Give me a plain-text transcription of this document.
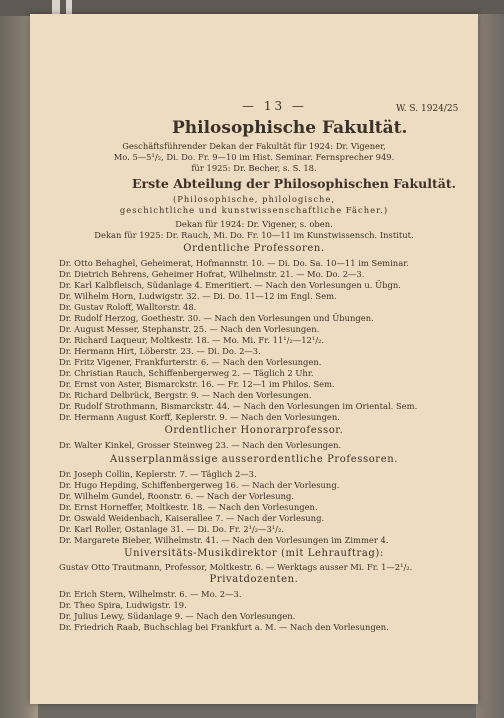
— 13 —	W. S. 1924/25
Philosophische Fakultät.
Geschäftsführender Dekan der Fakultät für 1924: Dr. Vigener,
Mo. 5—5¹/₂, Di. Do. Fr. 9—10 im Hist. Seminar. Fernsprecher 949.
für 1925: Dr. Becher, s. S. 18.
Erste Abteilung der Philosophischen Fakultät.
(Philosophische, philologische,
geschichtliche und kunstwissenschaftliche Fächer.)
Dekan für 1924: Dr. Vigener, s. oben.
Dekan für 1925: Dr. Rauch, Mi. Do. Fr. 10—11 im Kunstwissensch. Institut.
Ordentliche Professoren.
Dr. Otto Behaghel, Geheimerat, Hofmannstr. 10. — Di. Do. Sa. 10—11 im Seminar.
Dr. Dietrich Behrens, Geheimer Hofrat, Wilhelmstr. 21. — Mo. Do. 2—3.
Dr. Karl Kalbfleisch, Südanlage 4. Emeritiert. — Nach den Vorlesungen u. Übgn.
Dr. Wilhelm Horn, Ludwigstr. 32. — Di. Do. 11—12 im Engl. Sem.
Dr. Gustav Roloff, Walltorstr. 48.
Dr. Rudolf Herzog, Goethestr. 30. — Nach den Vorlesungen und Übungen.
Dr. August Messer, Stephanstr. 25. — Nach den Vorlesungen.
Dr. Richard Laqueur, Moltkestr. 18. — Mo. Mi. Fr. 11¹/₂—12¹/₂.
Dr. Hermann Hirt, Löberstr. 23. — Di. Do. 2—3.
Dr. Fritz Vigener, Frankfurterstr. 6. — Nach den Vorlesungen.
Dr. Christian Rauch, Schiffenbergerweg 2. — Täglich 2 Uhr.
Dr. Ernst von Aster, Bismarckstr. 16. — Fr. 12—1 im Philos. Sem.
Dr. Richard Delbrück, Bergstr. 9. — Nach den Vorlesungen.
Dr. Rudolf Strothmann, Bismarckstr. 44. — Nach den Vorlesungen im Oriental. Sem.
Dr. Hermann August Korff, Keplerstr. 9. — Nach den Vorlesungen.
Ordentlicher Honorarprofessor.
Dr. Walter Kinkel, Grosser Steinweg 23. — Nach den Vorlesungen.
Ausserplanmässige ausserordentliche Professoren.
Dr. Joseph Collin, Keplerstr. 7. — Täglich 2—3.
Dr. Hugo Hepding, Schiffenbergerweg 16. — Nach der Vorlesung.
Dr. Wilhelm Gundel, Roonstr. 6. — Nach der Vorlesung.
Dr. Ernst Horneffer, Moltkestr. 18. — Nach den Vorlesungen.
Dr. Oswald Weidenbach, Kaiserallee 7. — Nach der Vorlesung.
Dr. Karl Roller, Ostanlage 31. — Di. Do. Fr. 2¹/₂—3¹/₂.
Dr. Margarete Bieber, Wilhelmstr. 41. — Nach den Vorlesungen im Zimmer 4.
Universitäts-Musikdirektor (mit Lehrauftrag):
Gustav Otto Trautmann, Professor, Moltkestr. 6. — Werktags ausser Mi. Fr. 1—2¹/₂.
Privatdozenten.
Dr. Erich Stern, Wilhelmstr. 6. — Mo. 2—3.
Dr. Theo Spira, Ludwigstr. 19.
Dr. Julius Lewy, Südanlage 9. — Nach den Vorlesungen.
Dr. Friedrich Raab, Buchschlag bei Frankfurt a. M. — Nach den Vorlesungen.
